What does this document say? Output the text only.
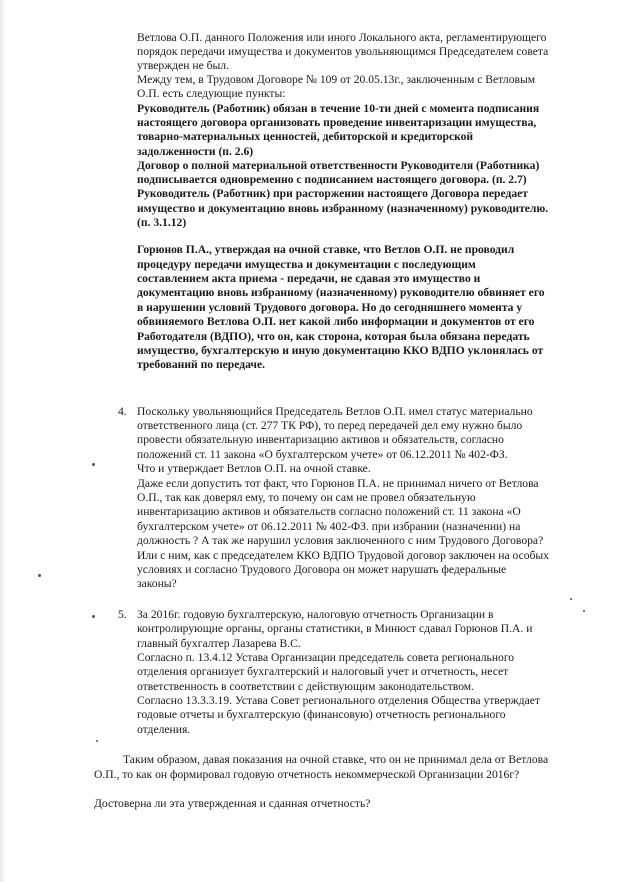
Ветлова О.П. данного Положения или иного Локального акта, регламентирующего

порядок передачи имущества и документов увольняющимся Председателем совета

утвержден не был.

Между тем, в Трудовом Договоре № 109 от 20.05.13г., заключенным с Ветловым

О.П. есть следующие пункты:

Руководитель (Работник) обязан в течение 10-ти дней с момента подписания

настоящего договора организовать проведение инвентаризации имущества,

товарно-материальных ценностей, дебиторской и кредиторской

задолженности (п. 2.6)

Договор о полной материальной ответственности Руководителя (Работника)

подписывается одновременно с подписанием настоящего договора. (п. 2.7)

Руководитель (Работник) при расторжении настоящего Договора передает

имущество и документацию вновь избранному (назначенному) руководителю.

(п. 3.1.12)

Горюнов П.А., утверждая на очной ставке, что Ветлов О.П. не проводил

процедуру передачи имущества и документации с последующим

составлением акта приема - передачи, не сдавая это имущество и

документацию вновь избранному (назначенному) руководителю обвиняет его

в нарушении условий Трудового договора. Но до сегодняшнего момента у

обвиняемого Ветлова О.П. нет какой либо информации и документов от его

Работодателя (ВДПО), что он, как сторона, которая была обязана передать

имущество, бухгалтерскую и иную документацию ККО ВДПО уклонялась от

требований по передаче.

4. Поскольку увольняющийся Председатель Ветлов О.П. имел статус материально

ответственного лица (ст. 277 ТК РФ), то перед передачей дел ему нужно было

провести обязательную инвентаризацию активов и обязательств, согласно

положений ст. 11 закона «О бухгалтерском учете» от 06.12.2011 № 402-ФЗ.

Что и утверждает Ветлов О.П. на очной ставке.

Даже если допустить тот факт, что Горюнов П.А. не принимал ничего от Ветлова

О.П., так как доверял ему, то почему он сам не провел обязательную

инвентаризацию активов и обязательств согласно положений ст. 11 закона «О

бухгалтерском учете» от 06.12.2011 № 402-ФЗ. при избрании (назначении) на

должность ? А так же нарушил условия заключенного с ним Трудового Договора?

Или с ним, как с председателем ККО ВДПО Трудовой договор заключен на особых

условиях и согласно Трудового Договора он может нарушать федеральные

законы?

5. За 2016г. годовую бухгалтерскую, налоговую отчетность Организации в

контролирующие органы, органы статистики, в Минюст сдавал Горюнов П.А. и

главный бухгалтер Лазарева В.С.

Согласно п. 13.4.12 Устава Организации председатель совета регионального

отделения организует бухгалтерский и налоговый учет и отчетность, несет

ответственность в соответствии с действующим законодательством.

Согласно 13.3.3.19. Устава Совет регионального отделения Общества утверждает

годовые отчеты и бухгалтерскую (финансовую) отчетность регионального

отделения.

Таким образом, давая показания на очной ставке, что он не принимал дела от Ветлова

О.П., то как он формировал годовую отчетность некоммерческой Организации 2016г?

Достоверна ли эта утвержденная и сданная отчетность?
